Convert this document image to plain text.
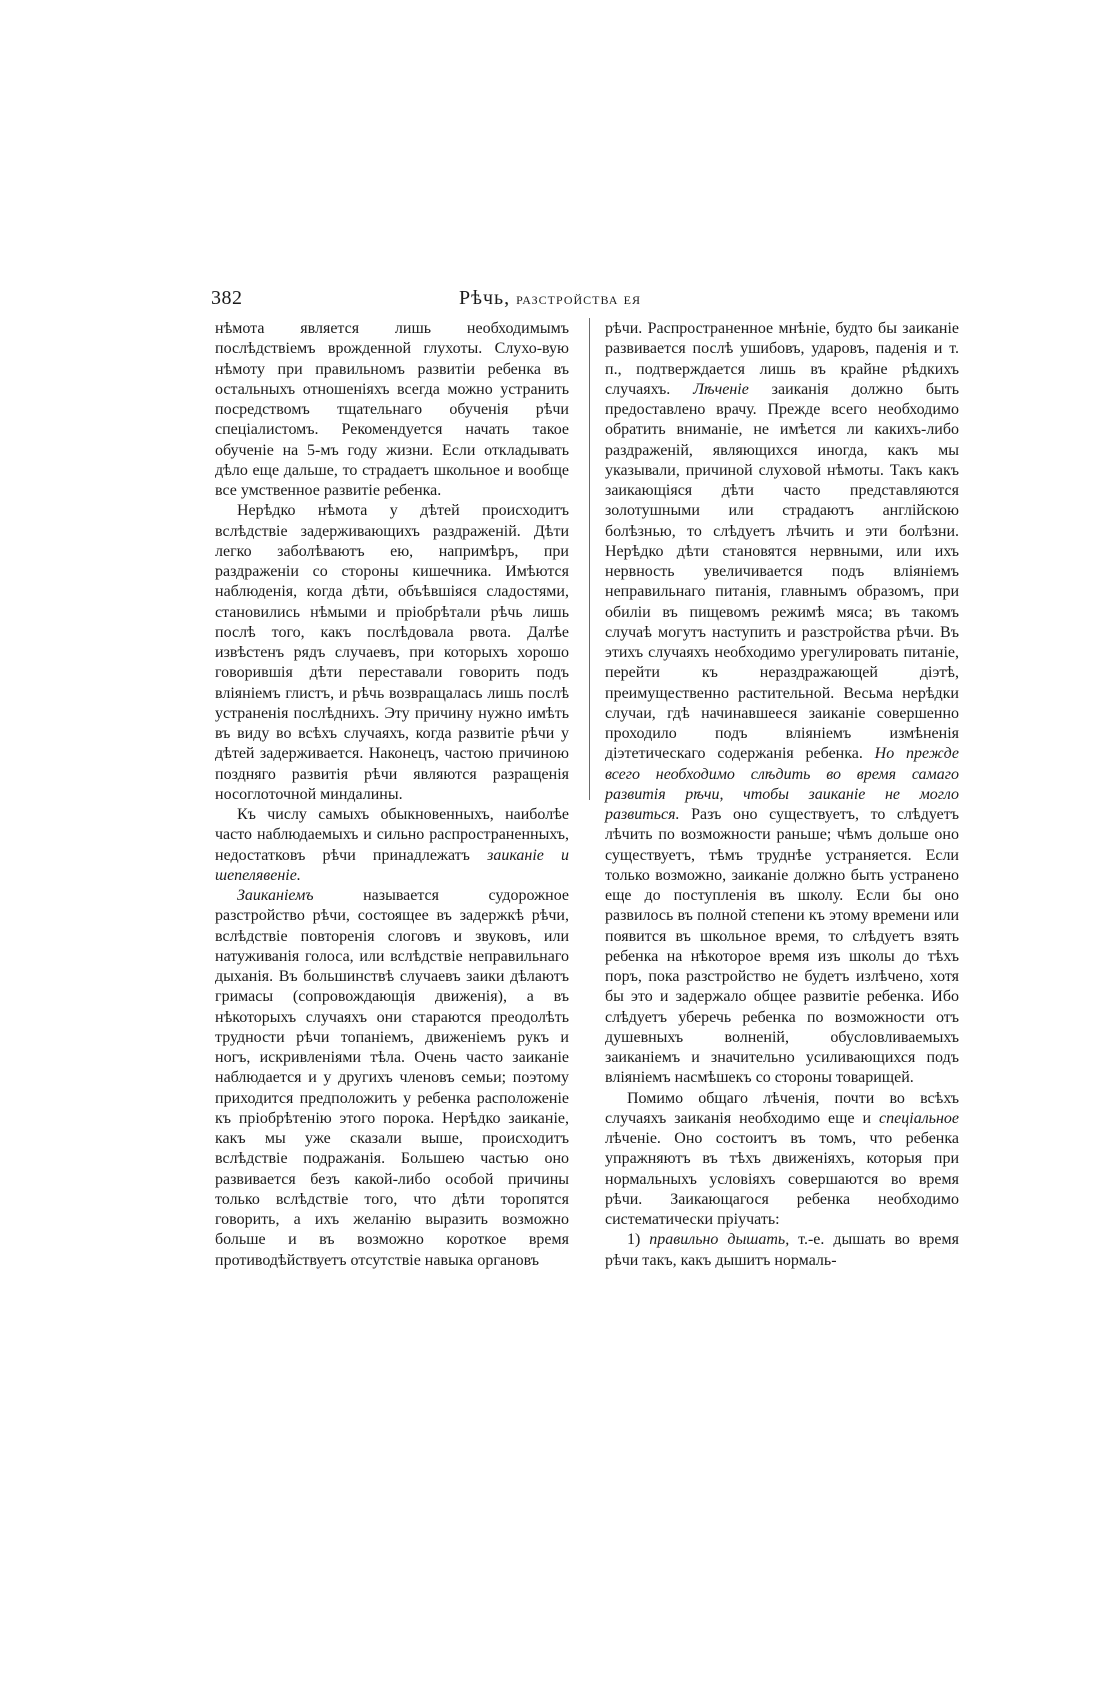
382	Рѣчь, разстройства ея

нѣмота является лишь необходимымъ послѣдствіемъ врожденной глухоты. Слухо-вую нѣмоту при правильномъ развитіи ребенка въ остальныхъ отношеніяхъ всегда можно устранить посредствомъ тщательнаго обученія рѣчи спеціалистомъ. Рекомендуется начать такое обученіе на 5-мъ году жизни. Если откладывать дѣло еще дальше, то страдаетъ школьное и вообще все умственное развитіе ребенка.

Нерѣдко нѣмота у дѣтей происходитъ вслѣдствіе задерживающихъ раздраженій. Дѣти легко заболѣваютъ ею, напримѣръ, при раздраженіи со стороны кишечника. Имѣются наблюденія, когда дѣти, объѣвшіяся сладостями, становились нѣмыми и пріобрѣтали рѣчь лишь послѣ того, какъ послѣдовала рвота. Далѣе извѣстенъ рядъ случаевъ, при которыхъ хорошо говорившія дѣти переставали говорить подъ вліяніемъ глистъ, и рѣчь возвращалась лишь послѣ устраненія послѣднихъ. Эту причину нужно имѣть въ виду во всѣхъ случаяхъ, когда развитіе рѣчи у дѣтей задерживается. Наконецъ, частою причиною поздняго развитія рѣчи являются разращенія носоглоточной миндалины.

Къ числу самыхъ обыкновенныхъ, наиболѣе часто наблюдаемыхъ и сильно распространенныхъ, недостатковъ рѣчи принадлежатъ заиканіе и шепелявеніе.

Заиканіемъ	называется судорожное разстройство рѣчи, состоящее въ задержкѣ рѣчи, вслѣдствіе повторенія слоговъ и звуковъ, или натуживанія голоса, или вслѣдствіе неправильнаго дыханія. Въ большинствѣ случаевъ заики дѣлаютъ гримасы (сопровождающія движенія), а въ нѣкоторыхъ случаяхъ они стараются преодолѣть трудности рѣчи топаніемъ, движеніемъ рукъ и ногъ, искривленіями тѣла. Очень часто заиканіе наблюдается и у другихъ членовъ семьи; поэтому приходится предположить у ребенка расположеніе къ пріобрѣтенію этого порока. Нерѣдко заиканіе, какъ мы уже сказали выше, происходитъ вслѣдствіе подражанія. Большею частью оно развивается безъ какой-либо особой причины только вслѣдствіе того, что дѣти торопятся говорить, а ихъ желанію выразить возможно больше и въ возможно короткое время противодѣйствуетъ отсутствіе навыка органовъ

рѣчи. Распространенное мнѣніе, будто бы заиканіе развивается послѣ ушибовъ, ударовъ, паденія и т. п., подтверждается лишь въ крайне рѣдкихъ случаяхъ. Лѣченіе заиканія должно быть предоставлено врачу. Прежде всего необходимо обратить вниманіе, не имѣется ли какихъ-либо раздраженій, являющихся иногда, какъ мы указывали, причиной слуховой нѣмоты. Такъ какъ заикающіяся дѣти часто представляются золотушными или страдаютъ англійскою болѣзнью, то слѣдуетъ лѣчить и эти болѣзни. Нерѣдко дѣти становятся нервными, или ихъ нервность увеличивается подъ вліяніемъ неправильнаго питанія, главнымъ образомъ, при обиліи въ пищевомъ режимѣ мяса; въ такомъ случаѣ могутъ наступить и разстройства рѣчи. Въ этихъ случаяхъ необходимо урегулировать питаніе, перейти къ нераздражающей діэтѣ, преимущественно растительной. Весьма нерѣдки случаи, гдѣ начинавшееся заиканіе совершенно проходило подъ вліяніемъ измѣненія діэтетическаго содержанія ребенка. Но прежде всего необходимо слѣдить во время самаго развитія рѣчи, чтобы заиканіе не могло развиться. Разъ оно существуетъ, то слѣдуетъ лѣчить по возможности раньше; чѣмъ дольше оно существуетъ, тѣмъ труднѣе устраняется. Если только возможно, заиканіе должно быть устранено еще до поступленія въ школу. Если бы оно развилось въ полной степени къ этому времени или появится въ школьное время, то слѣдуетъ взять ребенка на нѣкоторое время изъ школы до тѣхъ поръ, пока разстройство не будетъ излѣчено, хотя бы это и задержало общее развитіе ребенка. Ибо слѣдуетъ уберечь ребенка по возможности отъ душевныхъ волненій, обусловливаемыхъ заиканіемъ и значительно усиливающихся подъ вліяніемъ насмѣшекъ со стороны товарищей.

Помимо общаго лѣченія, почти во всѣхъ случаяхъ заиканія необходимо еще и спеціальное лѣченіе. Оно состоитъ въ томъ, что ребенка упражняютъ въ тѣхъ движеніяхъ, которыя при нормальныхъ условіяхъ совершаются во время рѣчи. Заикающагося ребенка необходимо систематически пріучать:

1) правильно дышать, т.-е. дышать во время рѣчи такъ, какъ дышитъ нормаль-
